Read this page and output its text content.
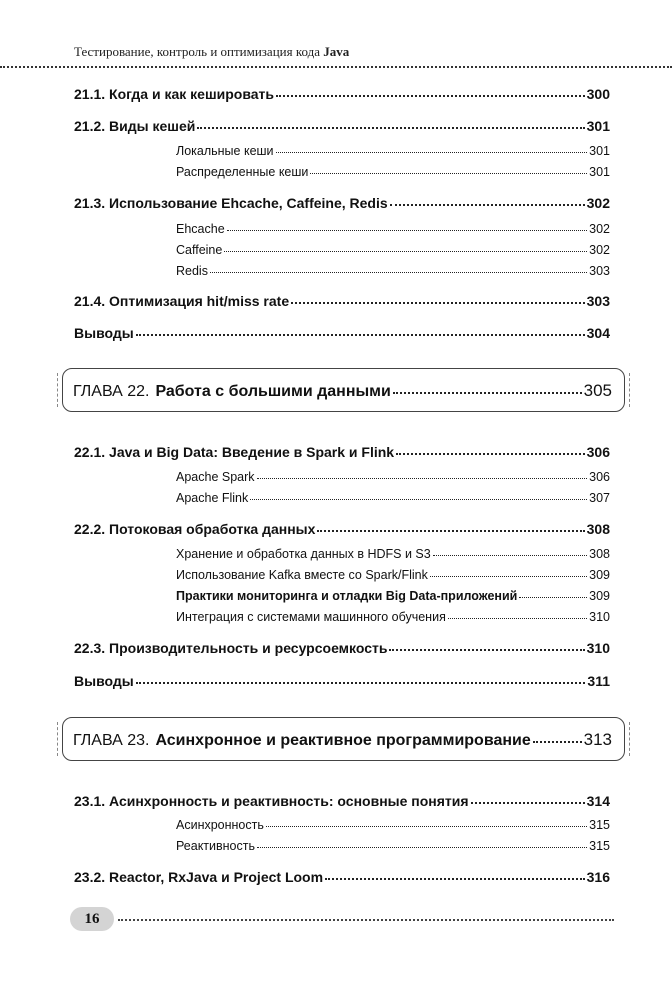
Тестирование, контроль и оптимизация кода Java
21.1. Когда и как кешировать	300
21.2. Виды кешей	301
Локальные кеши	301
Распределенные кеши	301
21.3. Использование Ehcache, Caffeine, Redis	302
Ehcache	302
Caffeine	302
Redis	303
21.4. Оптимизация hit/miss rate	303
Выводы	304
ГЛАВА 22. Работа с большими данными	305
22.1. Java и Big Data: Введение в Spark и Flink	306
Apache Spark	306
Apache Flink	307
22.2. Потоковая обработка данных	308
Хранение и обработка данных в HDFS и S3	308
Использование Kafka вместе со Spark/Flink	309
Практики мониторинга и отладки Big Data-приложений	309
Интеграция с системами машинного обучения	310
22.3. Производительность и ресурсоемкость	310
Выводы	311
ГЛАВА 23. Асинхронное и реактивное программирование	313
23.1. Асинхронность и реактивность: основные понятия	314
Асинхронность	315
Реактивность	315
23.2. Reactor, RxJava и Project Loom	316
16
